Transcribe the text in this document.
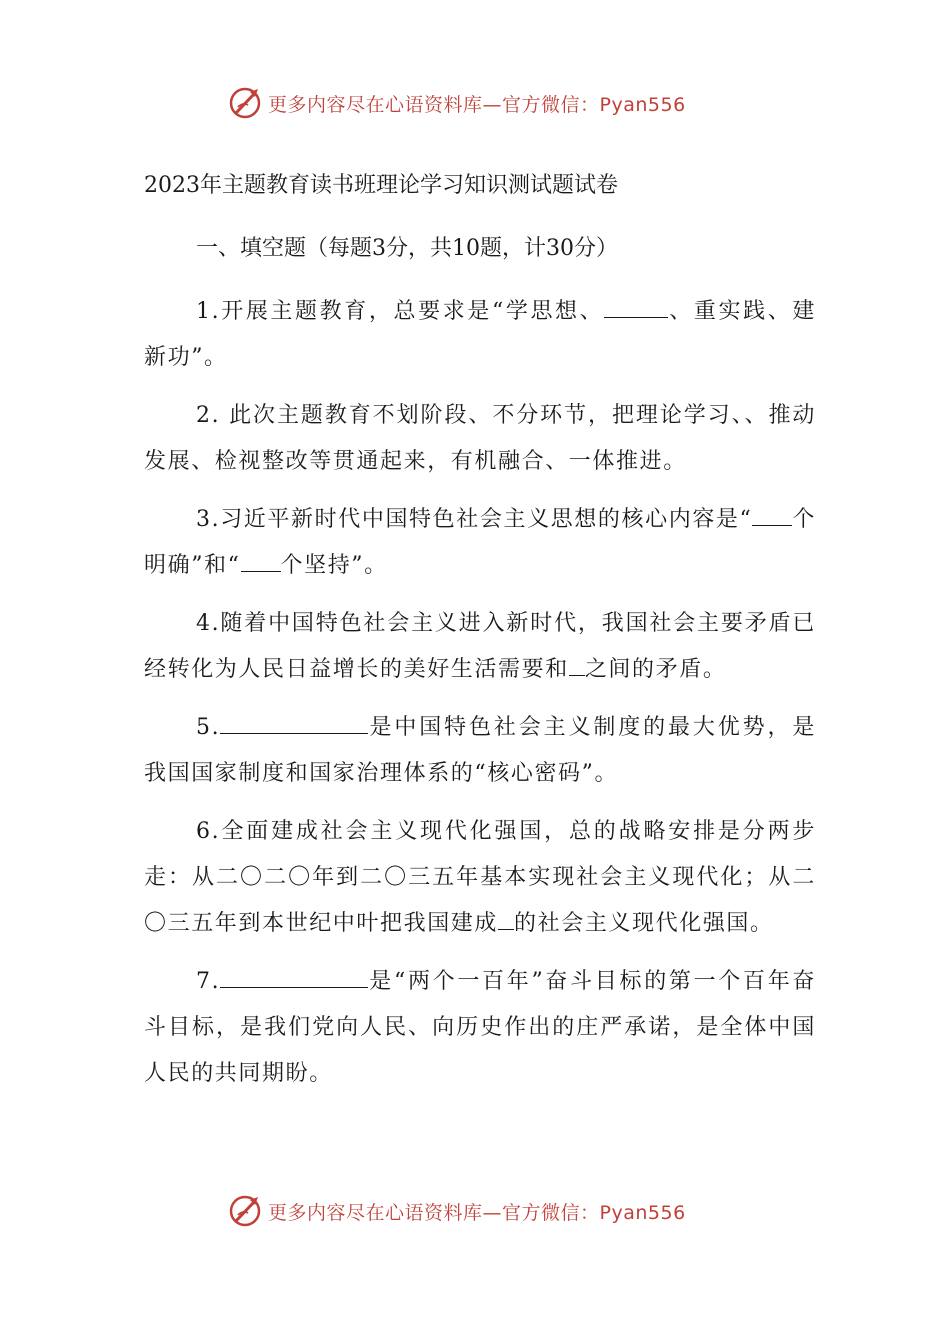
更多内容尽在心语资料库—官方微信：Pyan556
2023年主题教育读书班理论学习知识测试题试卷
一、填空题（每题3分，共10题，计30分）

1.开展主题教育，总要求是“学思想、	、重实践、建新功”。

2. 此次主题教育不划阶段、不分环节，把理论学习、、推动发展、检视整改等贯通起来，有机融合、一体推进。

3.习近平新时代中国特色社会主义思想的核心内容是“ 个明确”和“ 个坚持”。

4.随着中国特色社会主义进入新时代，我国社会主要矛盾已经转化为人民日益增长的美好生活需要和 之间的矛盾。

5.	是中国特色社会主义制度的最大优势，是我国国家制度和国家治理体系的“核心密码”。

6.全面建成社会主义现代化强国，总的战略安排是分两步走：从二〇二〇年到二〇三五年基本实现社会主义现代化；从二〇三五年到本世纪中叶把我国建成 的社会主义现代化强国。

7.	是“两个一百年”奋斗目标的第一个百年奋斗目标，是我们党向人民、向历史作出的庄严承诺，是全体中国人民的共同期盼。

更多内容尽在心语资料库—官方微信：Pyan556
